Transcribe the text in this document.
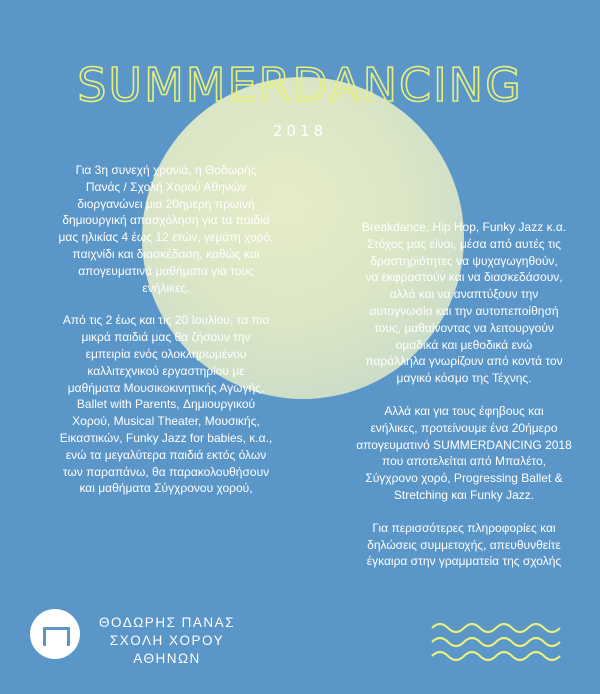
SUMMERDANCING
2018

Για 3η συνεχή χρονιά, η Θοδωρής

Πανάς / Σχολή Χορού Αθηνών

διοργανώνει μια 20ημερη πρωινή

δημιουργική απασχόληση για τα παιδιά

μας ηλικίας 4 έως 12 ετών, γεμάτη χορό,

παιχνίδι και διασκέδαση, καθώς και

απογευματινά μαθήματα για τους

ενήλικες.

Από τις 2 έως και τις 20 Ιουλίου, τα πιο

μικρά παιδιά μας θα ζήσουν την

εμπειρία ενός ολοκληρωμένου

καλλιτεχνικού εργαστηρίου με

μαθήματα Μουσικοκινητικής Αγωγής,

Ballet with Parents, Δημιουργικού

Χορού, Musical Theater, Μουσικής,

Εικαστικών, Funky Jazz for babies, κ.α.,

ενώ τα μεγαλύτερα παιδιά εκτός όλων

των παραπάνω, θα παρακολουθήσουν

και μαθήματα Σύγχρονου χορού,

Breakdance, Hip Hop, Funky Jazz κ.α.

Στόχος μας είναι, μέσα από αυτές τις

δραστηριότητες να ψυχαγωγηθούν,

να εκφραστούν και να διασκεδάσουν,

αλλά και να αναπτύξουν την

αυτογνωσία και την αυτοπεποίθησή

τους, μαθαίνοντας να λειτουργούν

ομαδικά και μεθοδικά ενώ

παράλληλα γνωρίζουν από κοντά τον

μαγικό κόσμο της Τέχνης.

Αλλά και για τους έφηβους και

ενήλικες, προτείνουμε ένα 20ήμερο

απογευματινό SUMMERDANCING 2018

που αποτελείται από Μπαλέτο,

Σύγχρονο χορό, Progressing Ballet &

Stretching και Funky Jazz.

Για περισσότερες πληροφορίες και

δηλώσεις συμμετοχής, απευθυνθείτε

έγκαιρα στην γραμματεία της σχολής

ΘΟΔΩΡΗΣ ΠΑΝΑΣ
ΣΧΟΛΗ ΧΟΡΟΥ
ΑΘΗΝΩΝ
